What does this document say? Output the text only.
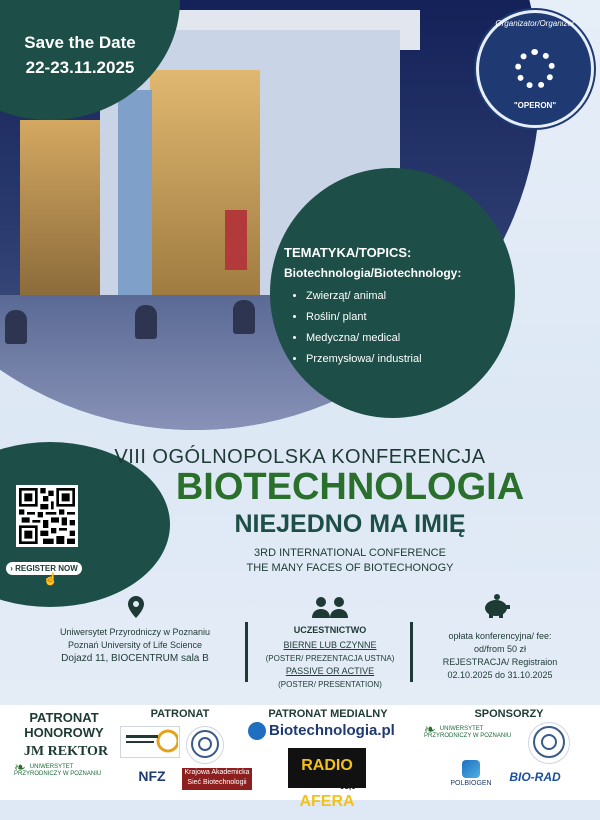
Save the Date
22-23.11.2025
Organizator/Organizer
"OPERON"
TEMATYKA/TOPICS:
Biotechnologia/Biotechnology:
• Zwierząt/ animal
• Roślin/ plant
• Medyczna/ medical
• Przemysłowa/ industrial
› REGISTER NOW
☝
VIII OGÓLNOPOLSKA KONFERENCJA
BIOTECHNOLOGIA
NIEJEDNO MA IMIĘ
3RD INTERNATIONAL CONFERENCE
THE MANY FACES OF BIOTECHONOGY
Uniwersytet Przyrodniczy w Poznaniu
Poznań University of Life Science
Dojazd 11, BIOCENTRUM sala B
UCZESTNICTWO
BIERNE LUB CZYNNE
(POSTER/ PREZENTACJA USTNA)
PASSIVE OR ACTIVE
(POSTER/ PRESENTATION)
opłata konferencyjna/ fee:
od/from 50 zł
REJESTRACJA/ Registraion
02.10.2025 do 31.10.2025
PATRONAT HONOROWY
JM REKTOR
❧ UNIWERSYTET PRZYRODNICZY W POZNANIU
PATRONAT
NFZ	Krajowa Akademicka Sieć Biotechnologii
PATRONAT MEDIALNY
Biotechnologia.pl
RADIO AFERA
98,6
SPONSORZY
❧ UNIWERSYTET PRZYRODNICZY W POZNANIU
POLBIOGEN	BIO-RAD
